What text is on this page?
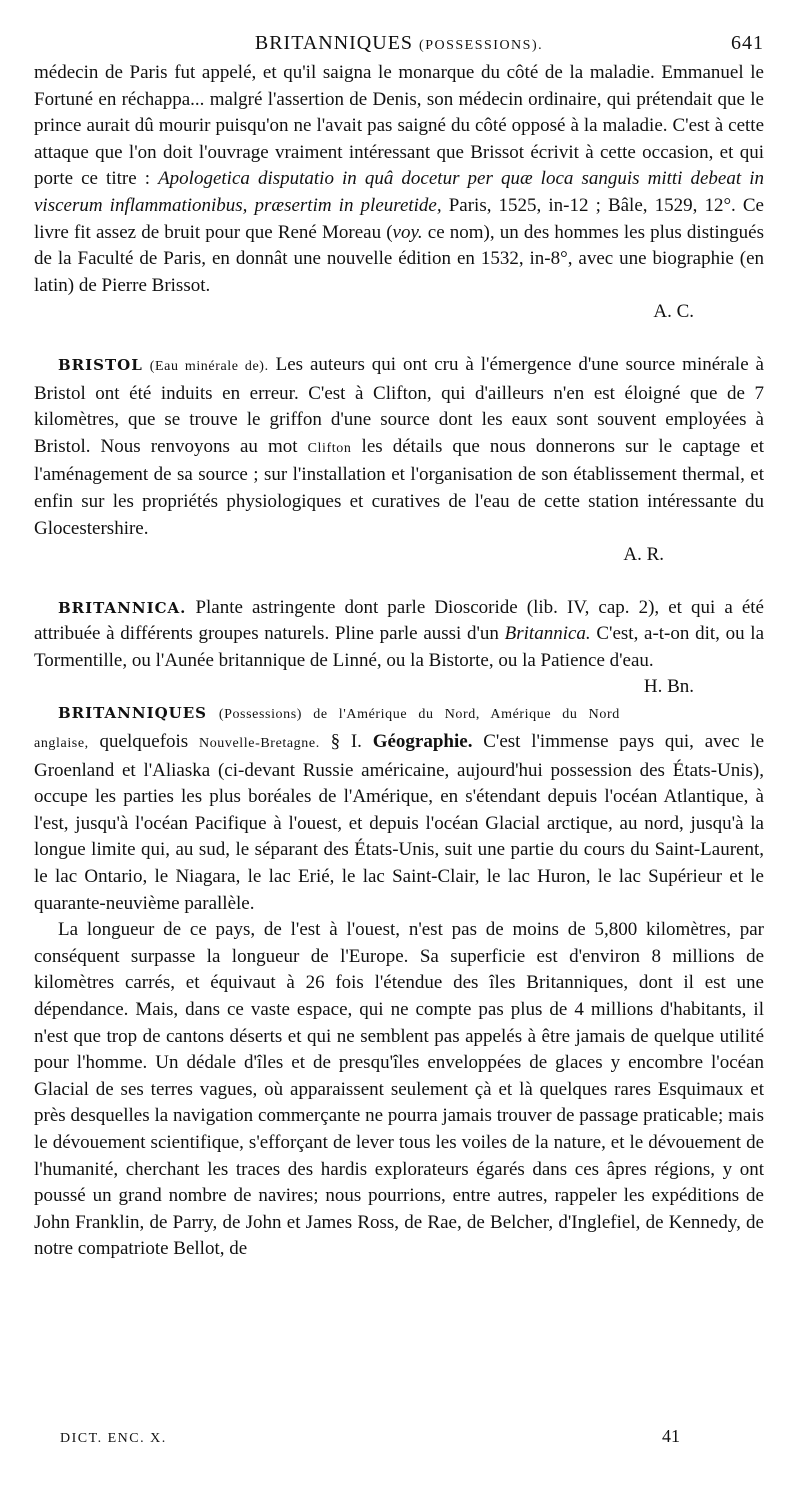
BRITANNIQUES (POSSESSIONS).	641

médecin de Paris fut appelé, et qu'il saigna le monarque du côté de la maladie. Emmanuel le Fortuné en réchappa... malgré l'assertion de Denis, son médecin ordinaire, qui prétendait que le prince aurait dû mourir puisqu'on ne l'avait pas saigné du côté opposé à la maladie. C'est à cette attaque que l'on doit l'ouvrage vraiment intéressant que Brissot écrivit à cette occasion, et qui porte ce titre : Apologetica disputatio in quâ docetur per quæ loca sanguis mitti debeat in viscerum inflammationibus, præsertim in pleuretide, Paris, 1525, in-12 ; Bâle, 1529, 12°. Ce livre fit assez de bruit pour que René Moreau (voy. ce nom), un des hommes les plus distingués de la Faculté de Paris, en donnât une nouvelle édition en 1532, in-8°, avec une biographie (en latin) de Pierre Brissot.

A. C.

BRISTOL (Eau minérale de). Les auteurs qui ont cru à l'émergence d'une source minérale à Bristol ont été induits en erreur. C'est à Clifton, qui d'ailleurs n'en est éloigné que de 7 kilomètres, que se trouve le griffon d'une source dont les eaux sont souvent employées à Bristol. Nous renvoyons au mot Clifton les détails que nous donnerons sur le captage et l'aménagement de sa source ; sur l'installation et l'organisation de son établissement thermal, et enfin sur les propriétés physiologiques et curatives de l'eau de cette station intéressante du Glocestershire.

A. R.

BRITANNICA. Plante astringente dont parle Dioscoride (lib. IV, cap. 2), et qui a été attribuée à différents groupes naturels. Pline parle aussi d'un Britannica. C'est, a-t-on dit, ou la Tormentille, ou l'Aunée britannique de Linné, ou la Bistorte, ou la Patience d'eau.
H. Bn.

BRITANNIQUES (Possessions) de l'Amérique du Nord, Amérique du Nord anglaise, quelquefois Nouvelle-Bretagne. § I. Géographie. C'est l'immense pays qui, avec le Groenland et l'Aliaska (ci-devant Russie américaine, aujourd'hui possession des États-Unis), occupe les parties les plus boréales de l'Amérique, en s'étendant depuis l'océan Atlantique, à l'est, jusqu'à l'océan Pacifique à l'ouest, et depuis l'océan Glacial arctique, au nord, jusqu'à la longue limite qui, au sud, le séparant des États-Unis, suit une partie du cours du Saint-Laurent, le lac Ontario, le Niagara, le lac Erié, le lac Saint-Clair, le lac Huron, le lac Supérieur et le quarante-neuvième parallèle.

La longueur de ce pays, de l'est à l'ouest, n'est pas de moins de 5,800 kilomètres, par conséquent surpasse la longueur de l'Europe. Sa superficie est d'environ 8 millions de kilomètres carrés, et équivaut à 26 fois l'étendue des îles Britanniques, dont il est une dépendance. Mais, dans ce vaste espace, qui ne compte pas plus de 4 millions d'habitants, il n'est que trop de cantons déserts et qui ne semblent pas appelés à être jamais de quelque utilité pour l'homme. Un dédale d'îles et de presqu'îles enveloppées de glaces y encombre l'océan Glacial de ses terres vagues, où apparaissent seulement çà et là quelques rares Esquimaux et près desquelles la navigation commerçante ne pourra jamais trouver de passage praticable; mais le dévouement scientifique, s'efforçant de lever tous les voiles de la nature, et le dévouement de l'humanité, cherchant les traces des hardis explorateurs égarés dans ces âpres régions, y ont poussé un grand nombre de navires; nous pourrions, entre autres, rappeler les expéditions de John Franklin, de Parry, de John et James Ross, de Rae, de Belcher, d'Inglefiel, de Kennedy, de notre compatriote Bellot, de

DICT. ENC. X.	41
